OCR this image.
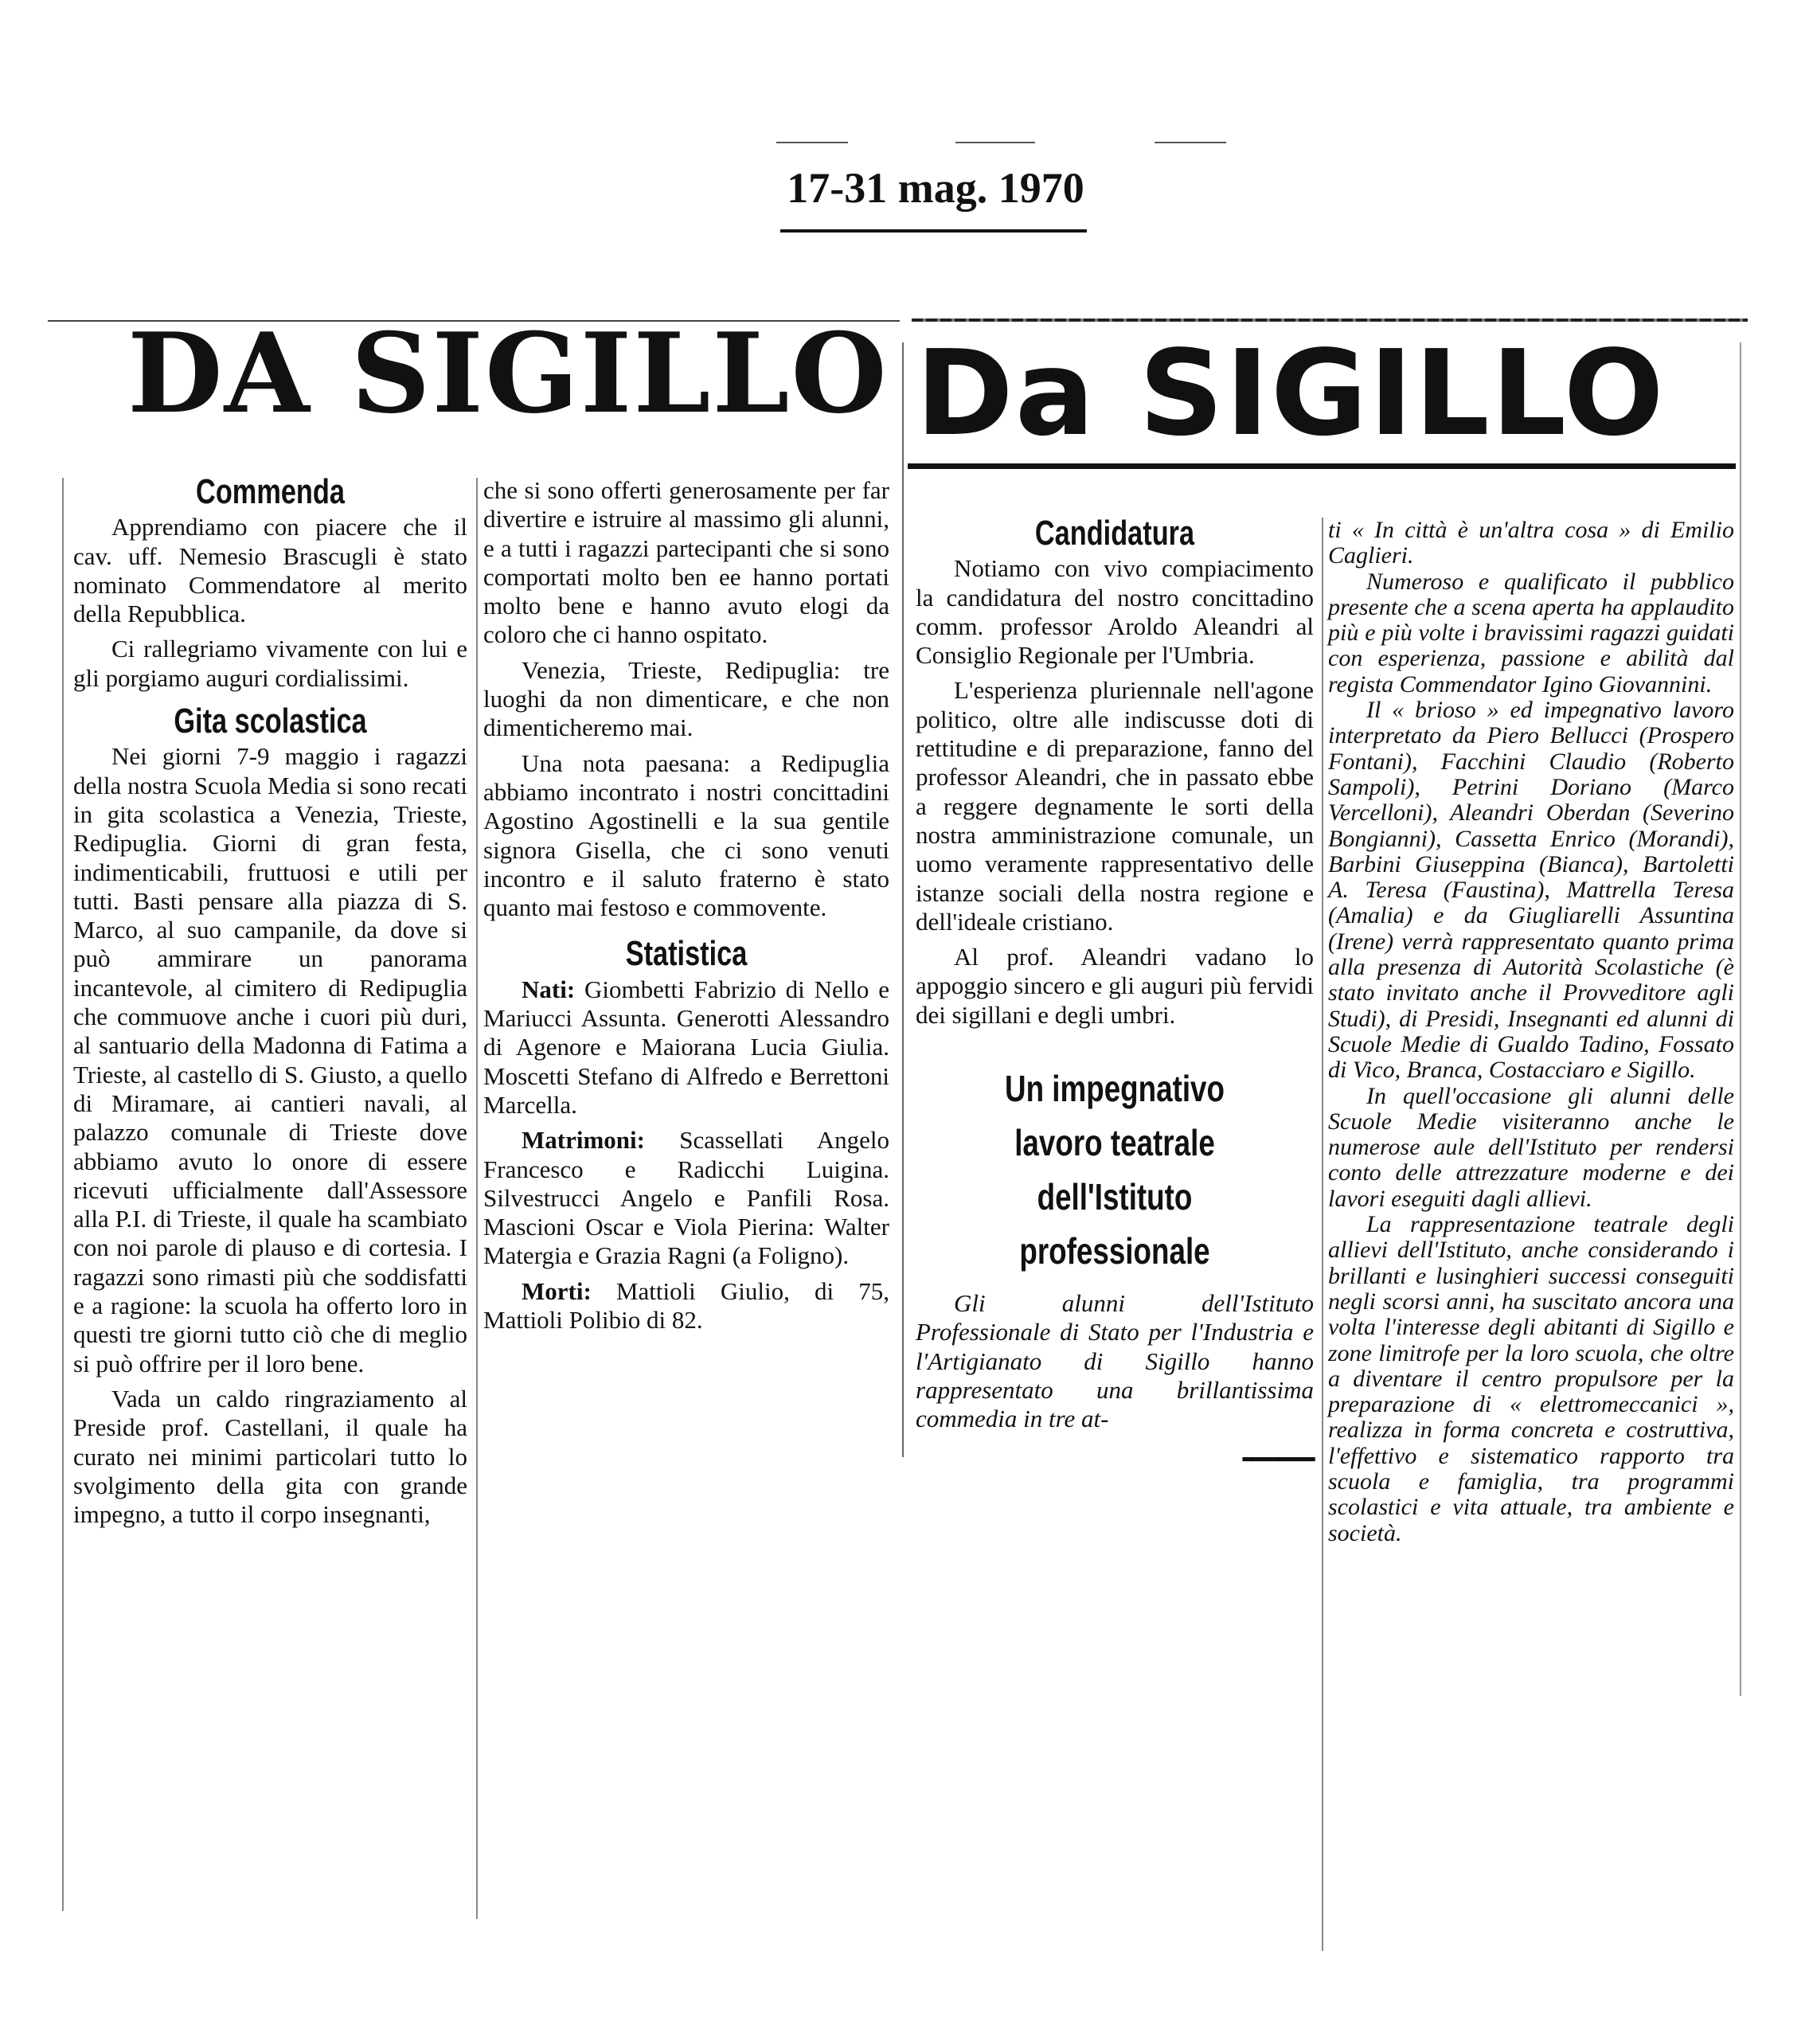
17-31 mag. 1970
DA SIGILLO Da SIGILLO
Commenda

Apprendiamo con piacere che il cav. uff. Nemesio Brascugli è stato nominato Commendatore al merito della Repubblica.

Ci rallegriamo vivamente con lui e gli porgiamo auguri cordialissimi.

Gita scolastica

Nei giorni 7-9 maggio i ragazzi della nostra Scuola Media si sono recati in gita scolastica a Venezia, Trieste, Redipuglia. Giorni di gran festa, indimenticabili, fruttuosi e utili per tutti. Basti pensare alla piazza di S. Marco, al suo campanile, da dove si può ammirare un panorama incantevole, al cimitero di Redipuglia che commuove anche i cuori più duri, al santuario della Madonna di Fatima a Trieste, al castello di S. Giusto, a quello di Miramare, ai cantieri navali, al palazzo comunale di Trieste dove abbiamo avuto lo onore di essere ricevuti ufficialmente dall'Assessore alla P.I. di Trieste, il quale ha scambiato con noi parole di plauso e di cortesia. I ragazzi sono rimasti più che soddisfatti e a ragione: la scuola ha offerto loro in questi tre giorni tutto ciò che di meglio si può offrire per il loro bene.

Vada un caldo ringraziamento al Preside prof. Castellani, il quale ha curato nei minimi particolari tutto lo svolgimento della gita con grande impegno, a tutto il corpo insegnanti,

che si sono offerti generosamente per far divertire e istruire al massimo gli alunni, e a tutti i ragazzi partecipanti che si sono comportati molto ben ee hanno portati molto bene e hanno avuto elogi da coloro che ci hanno ospitato.

Venezia, Trieste, Redipuglia: tre luoghi da non dimenticare, e che non dimenticheremo mai.

Una nota paesana: a Redipuglia abbiamo incontrato i nostri concittadini Agostino Agostinelli e la sua gentile signora Gisella, che ci sono venuti incontro e il saluto fraterno è stato quanto mai festoso e commovente.

Statistica

Nati: Giombetti Fabrizio di Nello e Mariucci Assunta. Generotti Alessandro di Agenore e Maiorana Lucia Giulia. Moscetti Stefano di Alfredo e Berrettoni Marcella.

Matrimoni: Scassellati Angelo Francesco e Radicchi Luigina. Silvestrucci Angelo e Panfili Rosa. Mascioni Oscar e Viola Pierina: Walter Matergia e Grazia Ragni (a Foligno).

Morti: Mattioli Giulio, di 75, Mattioli Polibio di 82.

Candidatura

Notiamo con vivo compiacimento la candidatura del nostro concittadino comm. professor Aroldo Aleandri al Consiglio Regionale per l'Umbria.

L'esperienza pluriennale nell'agone politico, oltre alle indiscusse doti di rettitudine e di preparazione, fanno del professor Aleandri, che in passato ebbe a reggere degnamente le sorti della nostra amministrazione comunale, un uomo veramente rappresentativo delle istanze sociali della nostra regione e dell'ideale cristiano.

Al prof. Aleandri vadano lo appoggio sincero e gli auguri più fervidi dei sigillani e degli umbri.

Un impegnativo
lavoro teatrale
dell'Istituto professionale

Gli alunni dell'Istituto Professionale di Stato per l'Industria e l'Artigianato di Sigillo hanno rappresentato una brillantissima commedia in tre at-

▬▬▬▬▬▬▬▬

ti « In città è un'altra cosa » di Emilio Caglieri.

Numeroso e qualificato il pubblico presente che a scena aperta ha applaudito più e più volte i bravissimi ragazzi guidati con esperienza, passione e abilità dal regista Commendator Igino Giovannini.

Il « brioso » ed impegnativo lavoro interpretato da Piero Bellucci (Prospero Fontani), Facchini Claudio (Roberto Sampoli), Petrini Doriano (Marco Vercelloni), Aleandri Oberdan (Severino Bongianni), Cassetta Enrico (Morandi), Barbini Giuseppina (Bianca), Bartoletti A. Teresa (Faustina), Mattrella Teresa (Amalia) e da Giugliarelli Assuntina (Irene) verrà rappresentato quanto prima alla presenza di Autorità Scolastiche (è stato invitato anche il Provveditore agli Studi), di Presidi, Insegnanti ed alunni di Scuole Medie di Gualdo Tadino, Fossato di Vico, Branca, Costacciaro e Sigillo.

In quell'occasione gli alunni delle Scuole Medie visiteranno anche le numerose aule dell'Istituto per rendersi conto delle attrezzature moderne e dei lavori eseguiti dagli allievi.

La rappresentazione teatrale degli allievi dell'Istituto, anche considerando i brillanti e lusinghieri successi conseguiti negli scorsi anni, ha suscitato ancora una volta l'interesse degli abitanti di Sigillo e zone limitrofe per la loro scuola, che oltre a diventare il centro propulsore per la preparazione di « elettromeccanici », realizza in forma concreta e costruttiva, l'effettivo e sistematico rapporto tra scuola e famiglia, tra programmi scolastici e vita attuale, tra ambiente e società.
